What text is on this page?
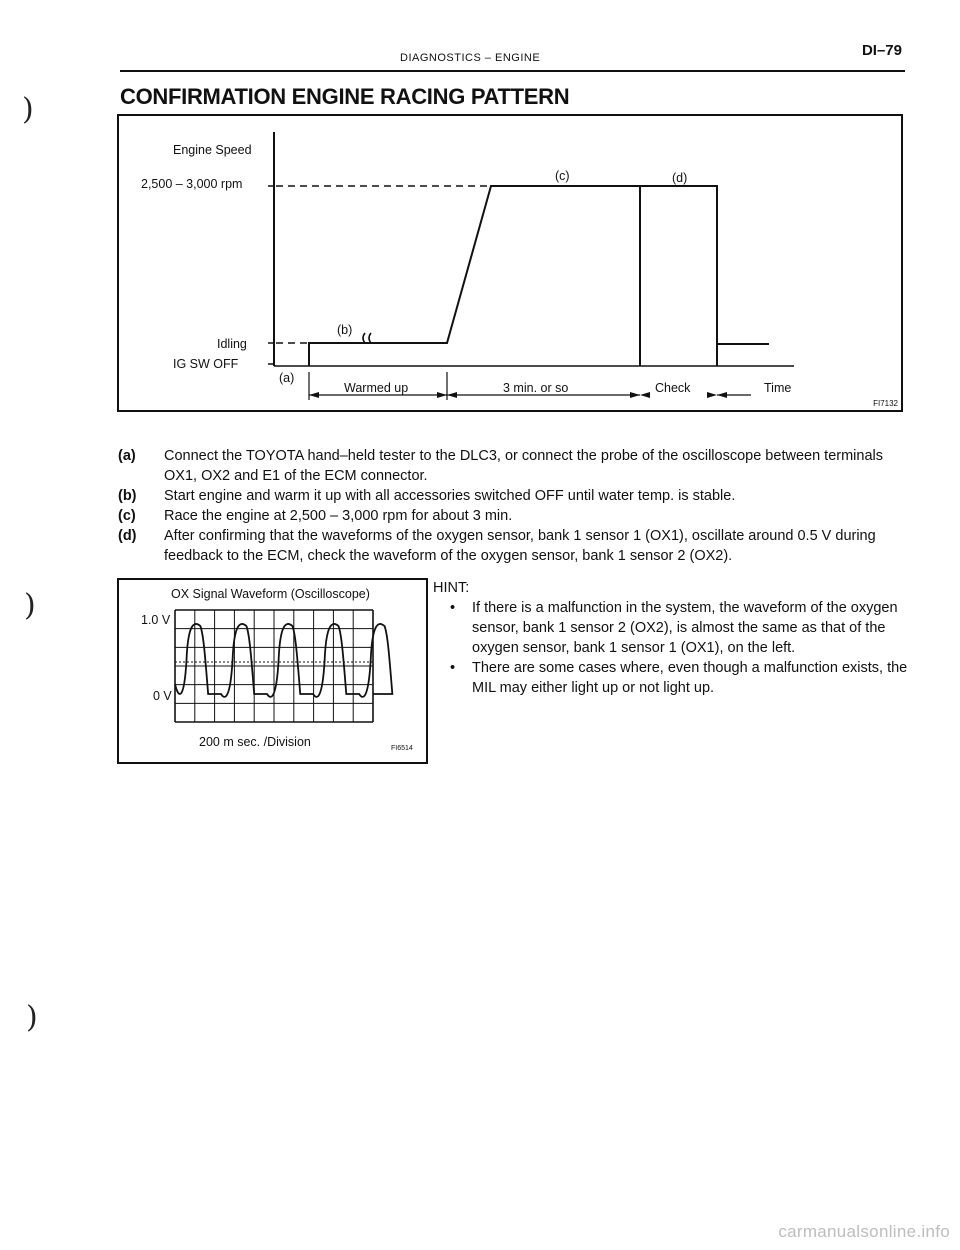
DIAGNOSTICS – ENGINE	DI–79
)
)
)
CONFIRMATION ENGINE RACING PATTERN
Engine Speed
2,500 – 3,000 rpm
Idling
IG SW OFF
(a)
(b)
(c)	(d)
Warmed up	3 min. or so	Check	Time
FI7132
(a)	Connect the TOYOTA hand–held tester to the DLC3, or connect the probe of the oscilloscope between terminals OX1, OX2 and E1 of the ECM connector.
(b)	Start engine and warm it up with all accessories switched OFF until water temp. is stable.
(c)	Race the engine at 2,500 – 3,000 rpm for about 3 min.
(d)	After confirming that the waveforms of the oxygen sensor, bank 1 sensor 1 (OX1), oscillate around 0.5 V during feedback to the ECM, check the waveform of the oxygen sensor, bank 1 sensor 2 (OX2).
OX Signal Waveform (Oscilloscope)
1.0 V
0 V
200 m sec. /Division	FI6514
HINT:
•	If there is a malfunction in the system, the waveform of the oxygen sensor, bank 1 sensor 2 (OX2), is almost the same as that of the oxygen sensor, bank 1 sensor 1 (OX1), on the left.
•	There are some cases where, even though a malfunction exists, the MIL may either light up or not light up.
carmanualsonline.info
